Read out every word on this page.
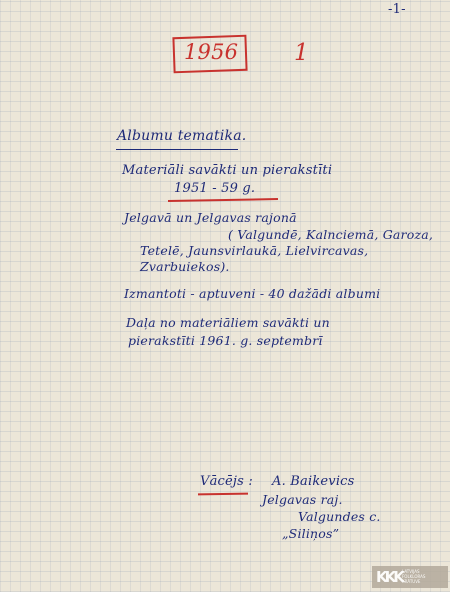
-1-
1956 1
Albumu tematika.
Materiāli savākti un pierakstīti
1951 - 59 g.
Jelgavā un Jelgavas rajonā
( Valgundē, Kalnciemā, Garoza,
Tetelē, Jaunsvirlaukā, Lielvircavas,
Zvarbuiekos).
Izmantoti - aptuveni - 40 dažādi albumi
Daļa no materiāliem savākti un
pierakstīti 1961. g. septembrī
Vācējs : A. Baikevics
Jelgavas raj.
Valgundes c.
„Siliņos”
KKK LATVIJAS
FOLKLORAS
KRĀTUVE
